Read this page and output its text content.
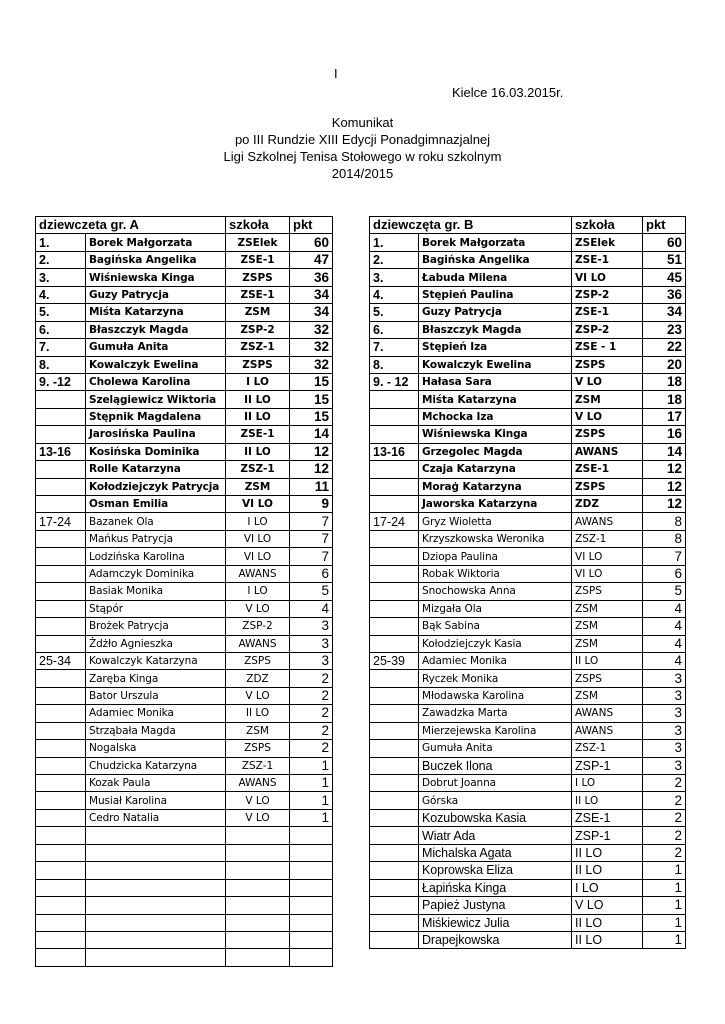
I
Kielce 16.03.2015r.
Komunikat
po III Rundzie XIII Edycji Ponadgimnazjalnej
Ligi Szkolnej Tenisa Stołowego w roku szkolnym
2014/2015
dziewczeta gr. A		szkoła	pkt
1.	Borek Małgorzata	ZSElek	60
2.	Bagińska Angelika	ZSE-1	47
3.	Wiśniewska Kinga	ZSPS	36
4.	Guzy Patrycja	ZSE-1	34
5.	Miśta Katarzyna	ZSM	34
6.	Błaszczyk Magda	ZSP-2	32
7.	Gumuła Anita	ZSZ-1	32
8.	Kowalczyk Ewelina	ZSPS	32
9. -12	Cholewa Karolina	I LO	15
	Szelągiewicz Wiktoria	II LO	15
	Stępnik Magdalena	II LO	15
	Jarosińska Paulina	ZSE-1	14
13-16	Kosińska Dominika	II LO	12
	Rolle Katarzyna	ZSZ-1	12
	Kołodziejczyk Patrycja	ZSM	11
	Osman Emilia	VI LO	9
17-24	Bazanek Ola	I LO	7
	Mańkus Patrycja	VI LO	7
	Lodzińska Karolina	VI LO	7
	Adamczyk Dominika	AWANS	6
	Basiak Monika	I LO	5
	Stąpór	V LO	4
	Brożek Patrycja	ZSP-2	3
	Żdżło Agnieszka	AWANS	3
25-34	Kowalczyk Katarzyna	ZSPS	3
	Zaręba Kinga	ZDZ	2
	Bator Urszula	V LO	2
	Adamiec Monika	II LO	2
	Strząbała Magda	ZSM	2
	Nogalska	ZSPS	2
	Chudzicka Katarzyna	ZSZ-1	1
	Kozak Paula	AWANS	1
	Musiał Karolina	V LO	1
	Cedro Natalia	V LO	1

dziewczęta gr. B		szkoła	pkt
1.	Borek Małgorzata	ZSElek	60
2.	Bagińska Angelika	ZSE-1	51
3.	Łabuda Milena	VI LO	45
4.	Stępień Paulina	ZSP-2	36
5.	Guzy Patrycja	ZSE-1	34
6.	Błaszczyk Magda	ZSP-2	23
7.	Stępień Iza	ZSE - 1	22
8.	Kowalczyk Ewelina	ZSPS	20
9. - 12	Hałasa Sara	V LO	18
	Miśta Katarzyna	ZSM	18
	Mchocka Iza	V LO	17
	Wiśniewska Kinga	ZSPS	16
13-16	Grzegolec Magda	AWANS	14
	Czaja Katarzyna	ZSE-1	12
	Moraģ Katarzyna	ZSPS	12
	Jaworska Katarzyna	ZDZ	12
17-24	Gryz Wioletta	AWANS	8
	Krzyszkowska Weronika	ZSZ-1	8
	Dziopa Paulina	VI LO	7
	Robak Wiktoria	VI LO	6
	Snochowska Anna	ZSPS	5
	Mizgała Ola	ZSM	4
	Bąk Sabina	ZSM	4
	Kołodziejczyk Kasia	ZSM	4
25-39	Adamiec Monika	II LO	4
	Ryczek Monika	ZSPS	3
	Młodawska Karolina	ZSM	3
	Zawadzka Marta	AWANS	3
	Mierzejewska Karolina	AWANS	3
	Gumuła Anita	ZSZ-1	3
	Buczek Ilona	ZSP-1	3
	Dobrut Joanna	I LO	2
	Górska	II LO	2
	Kozubowska Kasia	ZSE-1	2
	Wiatr Ada	ZSP-1	2
	Michalska Agata	II LO	2
	Koprowska Eliza	II LO	1
	Łapińska Kinga	I LO	1
	Papież Justyna	V LO	1
	Miśkiewicz Julia	II LO	1
	Drapejkowska	II LO	1
